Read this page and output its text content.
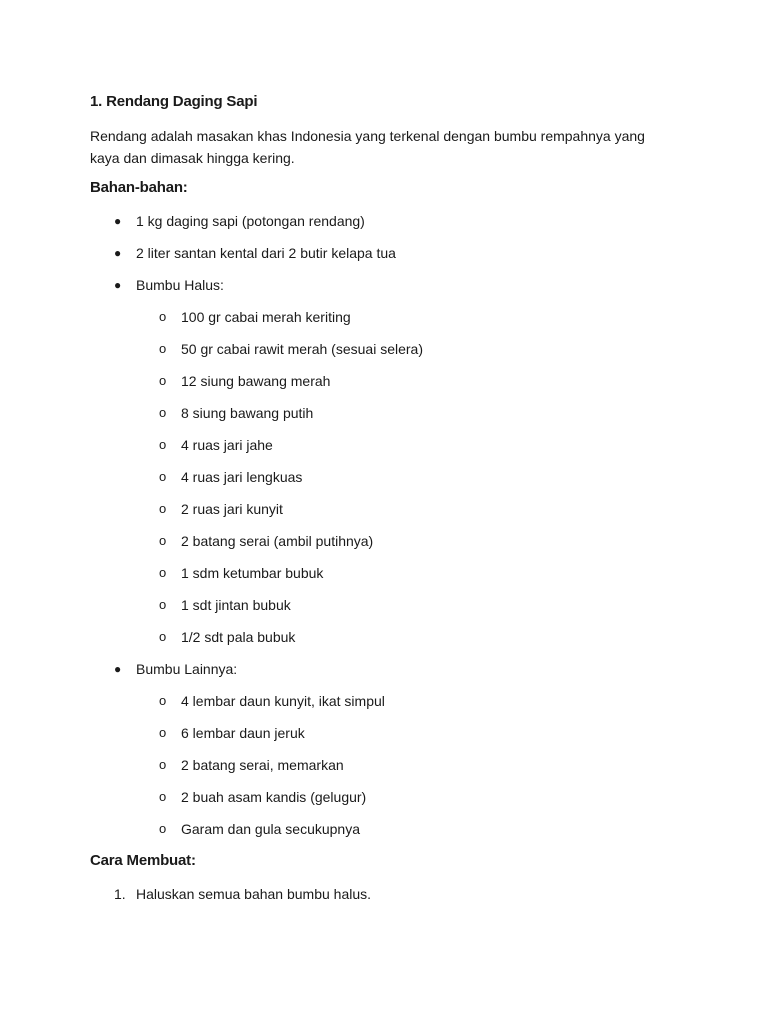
1. Rendang Daging Sapi
Rendang adalah masakan khas Indonesia yang terkenal dengan bumbu rempahnya yang kaya dan dimasak hingga kering.
Bahan-bahan:
● 1 kg daging sapi (potongan rendang)
● 2 liter santan kental dari 2 butir kelapa tua
● Bumbu Halus:
o 100 gr cabai merah keriting
o 50 gr cabai rawit merah (sesuai selera)
o 12 siung bawang merah
o 8 siung bawang putih
o 4 ruas jari jahe
o 4 ruas jari lengkuas
o 2 ruas jari kunyit
o 2 batang serai (ambil putihnya)
o 1 sdm ketumbar bubuk
o 1 sdt jintan bubuk
o 1/2 sdt pala bubuk
● Bumbu Lainnya:
o 4 lembar daun kunyit, ikat simpul
o 6 lembar daun jeruk
o 2 batang serai, memarkan
o 2 buah asam kandis (gelugur)
o Garam dan gula secukupnya
Cara Membuat:
1. Haluskan semua bahan bumbu halus.
